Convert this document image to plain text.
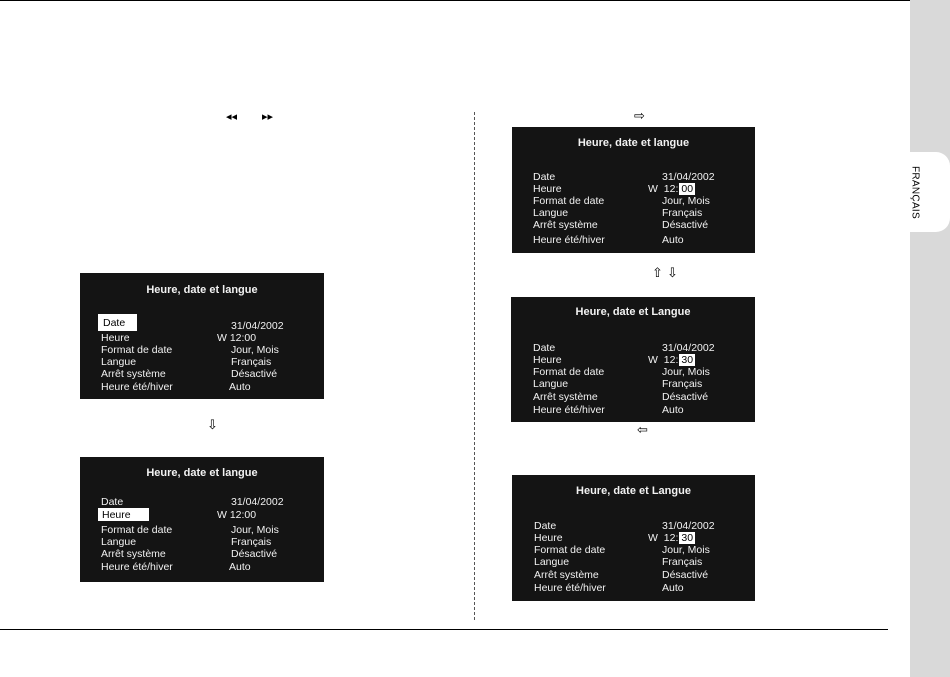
FRANÇAIS
◂◂ ▸▸	⇨
⇧ ⇩
⇩	⇦
Heure, date et langue
Date
Heure
Format de date
Langue
Arrêt système
Heure été/hiver
31/04/2002
W 12:00
Jour, Mois
Français
Désactivé
Auto
Heure, date et langue
Date
Heure
Format de date
Langue
Arrêt système
Heure été/hiver
31/04/2002
W 12:00
Jour, Mois
Français
Désactivé
Auto
Heure, date et langue
Date
Heure
Format de date
Langue
Arrêt système
Heure été/hiver
31/04/2002
W 12: 00
Jour, Mois
Français
Désactivé
Auto
Heure, date et Langue
Date
Heure
Format de date
Langue
Arrêt système
Heure été/hiver
31/04/2002
W 12: 30
Jour, Mois
Français
Désactivé
Auto
Heure, date et Langue
Date
Heure
Format de date
Langue
Arrêt système
Heure été/hiver
31/04/2002
W 12: 30
Jour, Mois
Français
Désactivé
Auto
